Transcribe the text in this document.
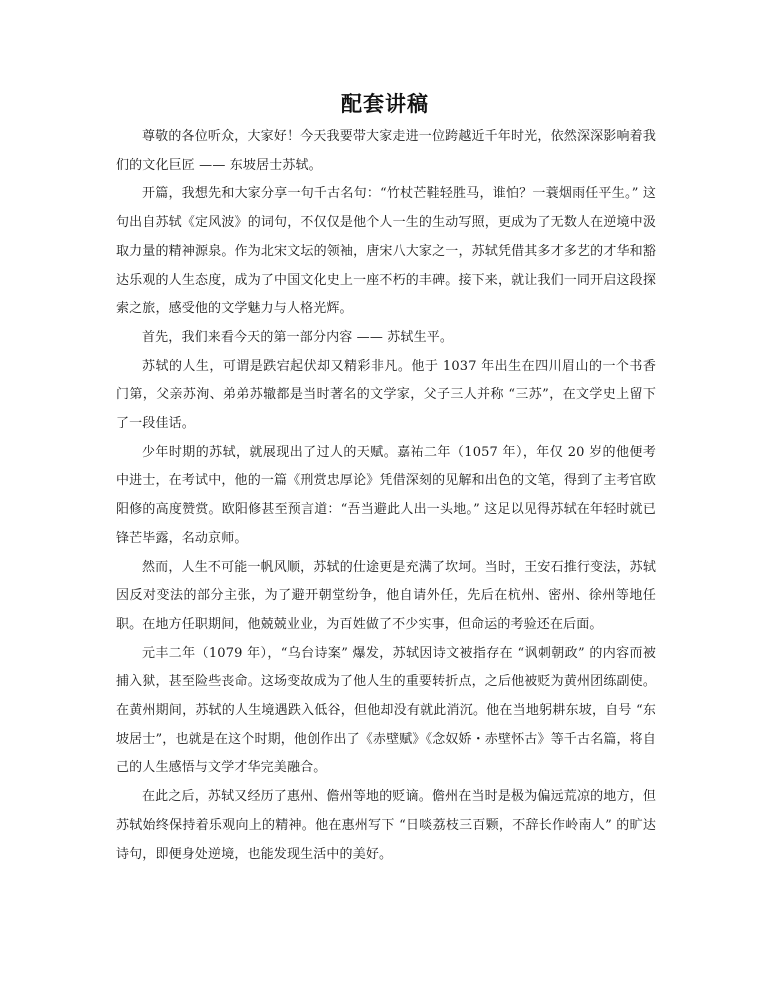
配套讲稿

尊敬的各位听众，大家好！今天我要带大家走进一位跨越近千年时光，依然深深影响着我们的文化巨匠 —— 东坡居士苏轼。

开篇，我想先和大家分享一句千古名句：“竹杖芒鞋轻胜马，谁怕？一蓑烟雨任平生。” 这句出自苏轼《定风波》的词句，不仅仅是他个人一生的生动写照，更成为了无数人在逆境中汲取力量的精神源泉。作为北宋文坛的领袖，唐宋八大家之一，苏轼凭借其多才多艺的才华和豁达乐观的人生态度，成为了中国文化史上一座不朽的丰碑。接下来，就让我们一同开启这段探索之旅，感受他的文学魅力与人格光辉。

首先，我们来看今天的第一部分内容 —— 苏轼生平。

苏轼的人生，可谓是跌宕起伏却又精彩非凡。他于 1037 年出生在四川眉山的一个书香门第，父亲苏洵、弟弟苏辙都是当时著名的文学家，父子三人并称 “三苏”，在文学史上留下了一段佳话。

少年时期的苏轼，就展现出了过人的天赋。嘉祐二年（1057 年），年仅 20 岁的他便考中进士，在考试中，他的一篇《刑赏忠厚论》凭借深刻的见解和出色的文笔，得到了主考官欧阳修的高度赞赏。欧阳修甚至预言道：“吾当避此人出一头地。” 这足以见得苏轼在年轻时就已锋芒毕露，名动京师。

然而，人生不可能一帆风顺，苏轼的仕途更是充满了坎坷。当时，王安石推行变法，苏轼因反对变法的部分主张，为了避开朝堂纷争，他自请外任，先后在杭州、密州、徐州等地任职。在地方任职期间，他兢兢业业，为百姓做了不少实事，但命运的考验还在后面。

元丰二年（1079 年），“乌台诗案” 爆发，苏轼因诗文被指存在 “讽刺朝政” 的内容而被捕入狱，甚至险些丧命。这场变故成为了他人生的重要转折点，之后他被贬为黄州团练副使。在黄州期间，苏轼的人生境遇跌入低谷，但他却没有就此消沉。他在当地躬耕东坡，自号 “东坡居士”，也就是在这个时期，他创作出了《赤壁赋》《念奴娇・赤壁怀古》等千古名篇，将自己的人生感悟与文学才华完美融合。

在此之后，苏轼又经历了惠州、儋州等地的贬谪。儋州在当时是极为偏远荒凉的地方，但苏轼始终保持着乐观向上的精神。他在惠州写下 “日啖荔枝三百颗，不辞长作岭南人” 的旷达诗句，即便身处逆境，也能发现生活中的美好。
